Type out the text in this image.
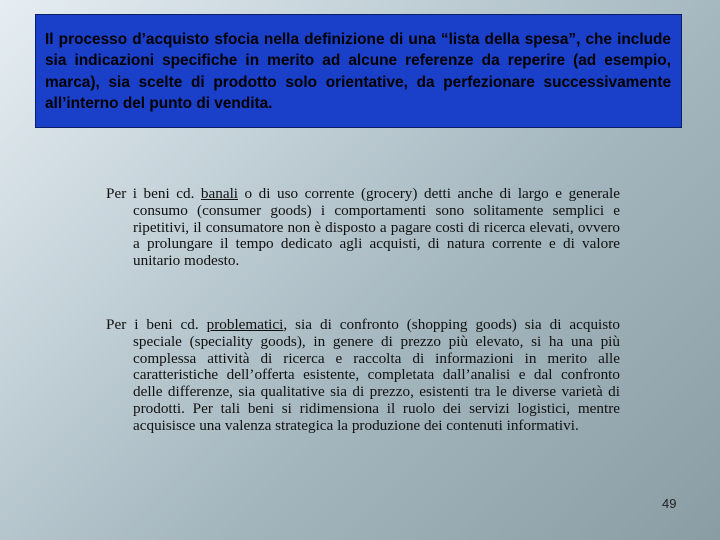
Il processo d’acquisto sfocia nella definizione di una “lista della spesa”, che include sia indicazioni specifiche in merito ad alcune referenze da reperire (ad esempio, marca), sia scelte di prodotto solo orientative, da perfezionare successivamente all’interno del punto di vendita.
Per i beni cd. banali o di uso corrente (grocery) detti anche di largo e generale consumo (consumer goods) i comportamenti sono solitamente semplici e ripetitivi, il consumatore non è disposto a pagare costi di ricerca elevati, ovvero a prolungare il tempo dedicato agli acquisti, di natura corrente e di valore unitario modesto.
Per i beni cd. problematici, sia di confronto (shopping goods) sia di acquisto speciale (speciality goods), in genere di prezzo più elevato, si ha una più complessa attività di ricerca e raccolta di informazioni in merito alle caratteristiche dell’offerta esistente, completata dall’analisi e dal confronto delle differenze, sia qualitative sia di prezzo, esistenti tra le diverse varietà di prodotti. Per tali beni si ridimensiona il ruolo dei servizi logistici, mentre acquisisce una valenza strategica la produzione dei contenuti informativi.
49
